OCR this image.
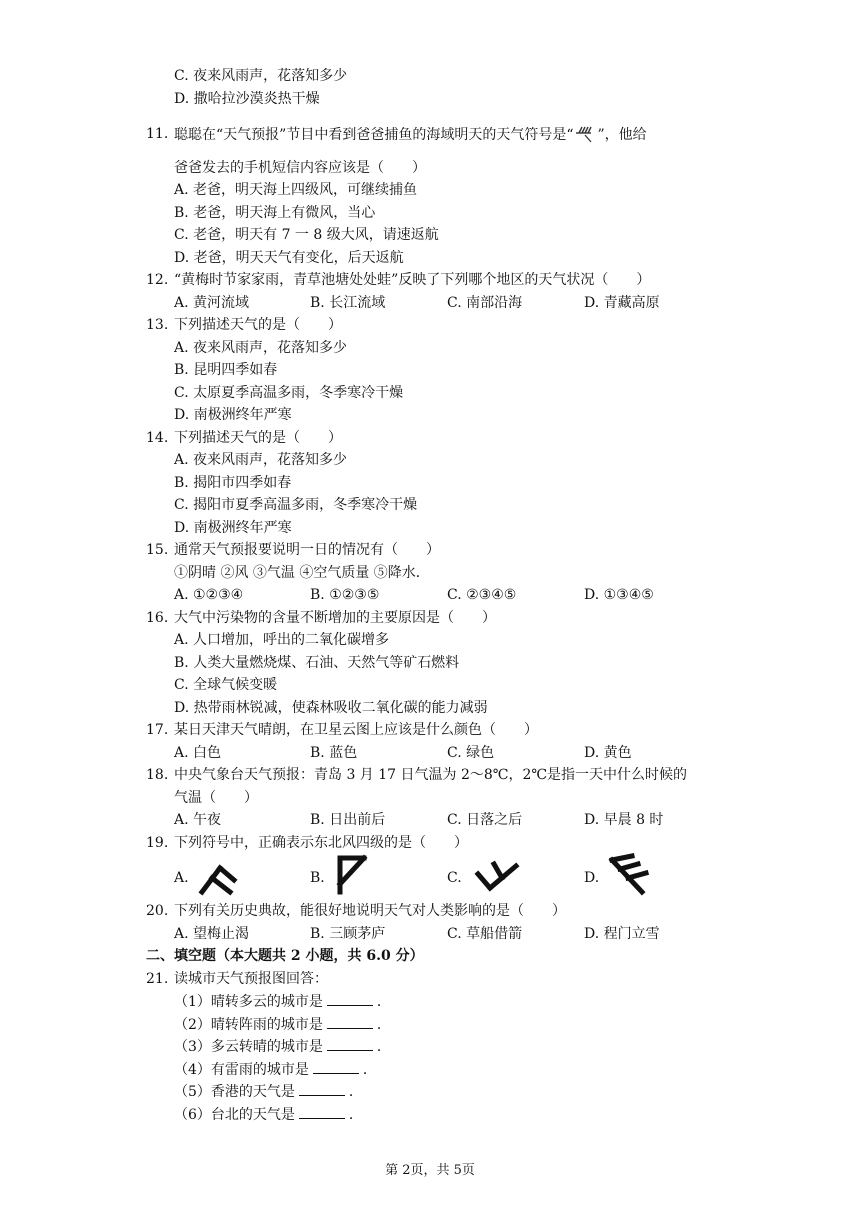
C. 夜来风雨声，花落知多少
D. 撒哈拉沙漠炎热干燥
11. 聪聪在“天气预报”节目中看到爸爸捕鱼的海域明天的天气符号是“ ”，他给
爸爸发去的手机短信内容应该是（　　）
A. 老爸，明天海上四级风，可继续捕鱼
B. 老爸，明天海上有微风，当心
C. 老爸，明天有 7 一 8 级大风，请速返航
D. 老爸，明天天气有变化，后天返航
12. “黄梅时节家家雨，青草池塘处处蛙”反映了下列哪个地区的天气状况（　　）
A. 黄河流域	B. 长江流域	C. 南部沿海	D. 青藏高原
13. 下列描述天气的是（　　）
A. 夜来风雨声，花落知多少
B. 昆明四季如春
C. 太原夏季高温多雨，冬季寒冷干燥
D. 南极洲终年严寒
14. 下列描述天气的是（　　）
A. 夜来风雨声，花落知多少
B. 揭阳市四季如春
C. 揭阳市夏季高温多雨，冬季寒冷干燥
D. 南极洲终年严寒
15. 通常天气预报要说明一日的情况有（　　）
①阴晴 ②风 ③气温 ④空气质量 ⑤降水．
A. ①②③④	B. ①②③⑤	C. ②③④⑤	D. ①③④⑤
16. 大气中污染物的含量不断增加的主要原因是（　　）
A. 人口增加，呼出的二氧化碳增多
B. 人类大量燃烧煤、石油、天然气等矿石燃料
C. 全球气候变暖
D. 热带雨林锐减，使森林吸收二氧化碳的能力减弱
17. 某日天津天气晴朗，在卫星云图上应该是什么颜色（　　）
A. 白色	B. 蓝色	C. 绿色	D. 黄色
18. 中央气象台天气预报：青岛 3 月 17 日气温为 2～8℃，2℃是指一天中什么时候的
气温（　　）
A. 午夜	B. 日出前后	C. 日落之后	D. 早晨 8 时
19. 下列符号中，正确表示东北风四级的是（　　）
A.	B.	C.	D.
20. 下列有关历史典故，能很好地说明天气对人类影响的是（　　）
A. 望梅止渴	B. 三顾茅庐	C. 草船借箭	D. 程门立雪
二、填空题（本大题共 2 小题，共 6.0 分）
21. 读城市天气预报图回答：
（1）晴转多云的城市是	．
（2）晴转阵雨的城市是	．
（3）多云转晴的城市是	．
（4）有雷雨的城市是	．
（5）香港的天气是	．
（6）台北的天气是	．
第 2页，共 5页
